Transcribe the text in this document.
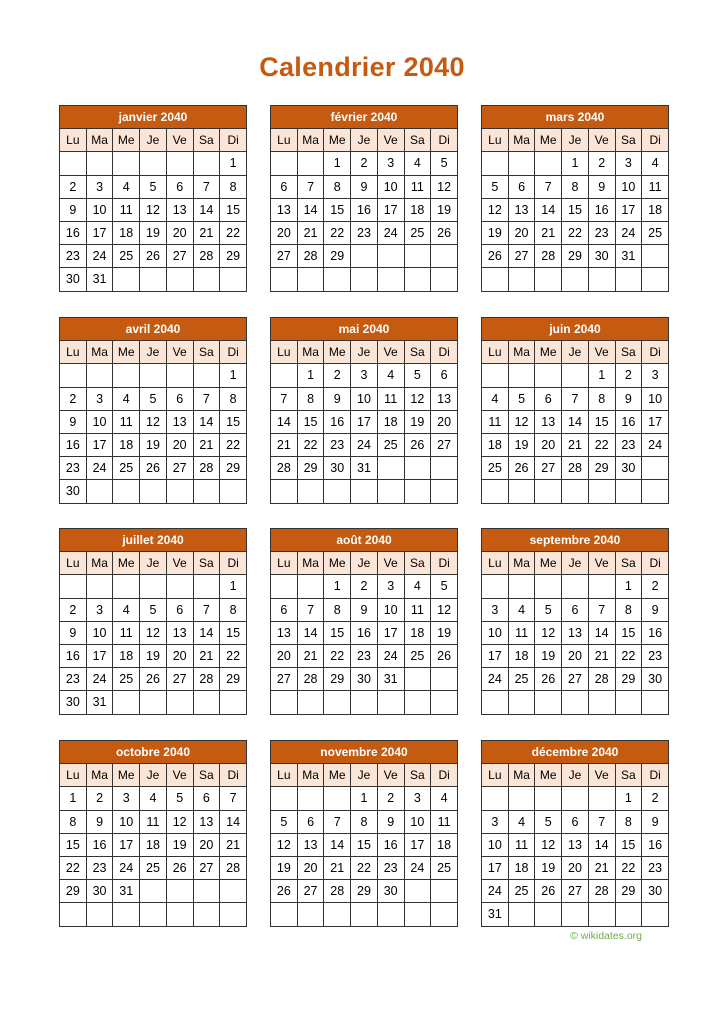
Calendrier 2040
janvier 2040						
Lu	Ma	Me	Je	Ve	Sa	Di
						1
2	3	4	5	6	7	8
9	10	11	12	13	14	15
16	17	18	19	20	21	22
23	24	25	26	27	28	29
30	31					
février 2040						
Lu	Ma	Me	Je	Ve	Sa	Di
		1	2	3	4	5
6	7	8	9	10	11	12
13	14	15	16	17	18	19
20	21	22	23	24	25	26
27	28	29				

mars 2040						
Lu	Ma	Me	Je	Ve	Sa	Di
			1	2	3	4
5	6	7	8	9	10	11
12	13	14	15	16	17	18
19	20	21	22	23	24	25
26	27	28	29	30	31	

avril 2040						
Lu	Ma	Me	Je	Ve	Sa	Di
						1
2	3	4	5	6	7	8
9	10	11	12	13	14	15
16	17	18	19	20	21	22
23	24	25	26	27	28	29
30						
mai 2040						
Lu	Ma	Me	Je	Ve	Sa	Di
	1	2	3	4	5	6
7	8	9	10	11	12	13
14	15	16	17	18	19	20
21	22	23	24	25	26	27
28	29	30	31			

juin 2040						
Lu	Ma	Me	Je	Ve	Sa	Di
				1	2	3
4	5	6	7	8	9	10
11	12	13	14	15	16	17
18	19	20	21	22	23	24
25	26	27	28	29	30	

juillet 2040						
Lu	Ma	Me	Je	Ve	Sa	Di
						1
2	3	4	5	6	7	8
9	10	11	12	13	14	15
16	17	18	19	20	21	22
23	24	25	26	27	28	29
30	31					
août 2040						
Lu	Ma	Me	Je	Ve	Sa	Di
		1	2	3	4	5
6	7	8	9	10	11	12
13	14	15	16	17	18	19
20	21	22	23	24	25	26
27	28	29	30	31		

septembre 2040						
Lu	Ma	Me	Je	Ve	Sa	Di
					1	2
3	4	5	6	7	8	9
10	11	12	13	14	15	16
17	18	19	20	21	22	23
24	25	26	27	28	29	30

octobre 2040						
Lu	Ma	Me	Je	Ve	Sa	Di
1	2	3	4	5	6	7
8	9	10	11	12	13	14
15	16	17	18	19	20	21
22	23	24	25	26	27	28
29	30	31				

novembre 2040						
Lu	Ma	Me	Je	Ve	Sa	Di
			1	2	3	4
5	6	7	8	9	10	11
12	13	14	15	16	17	18
19	20	21	22	23	24	25
26	27	28	29	30		

décembre 2040						
Lu	Ma	Me	Je	Ve	Sa	Di
					1	2
3	4	5	6	7	8	9
10	11	12	13	14	15	16
17	18	19	20	21	22	23
24	25	26	27	28	29	30
31						
© wikidates.org
